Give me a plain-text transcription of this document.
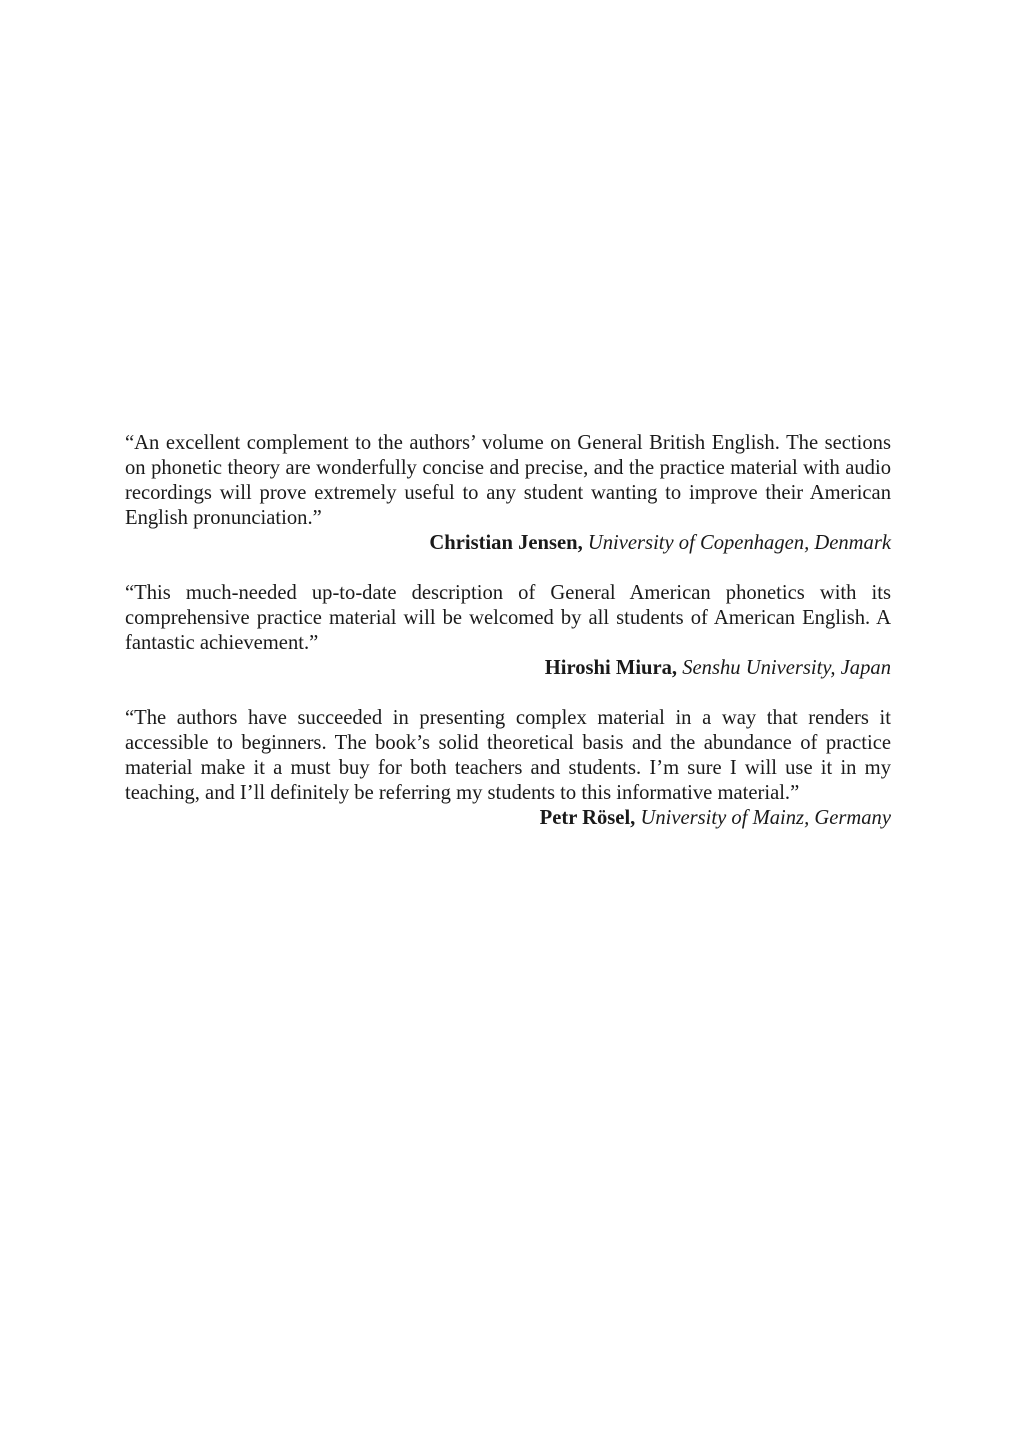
“An excellent complement to the authors’ volume on General British English. The sections on phonetic theory are wonderfully concise and precise, and the practice material with audio recordings will prove extremely useful to any student wanting to improve their American English pronunciation.”

Christian Jensen, University of Copenhagen, Denmark

“This much-needed up-to-date description of General American phonetics with its comprehensive practice material will be welcomed by all students of American English. A fantastic achievement.”

Hiroshi Miura, Senshu University, Japan

“The authors have succeeded in presenting complex material in a way that renders it accessible to beginners. The book’s solid theoretical basis and the abundance of practice material make it a must buy for both teachers and students. I’m sure I will use it in my teaching, and I’ll definitely be referring my students to this informative material.”

Petr Rösel, University of Mainz, Germany
